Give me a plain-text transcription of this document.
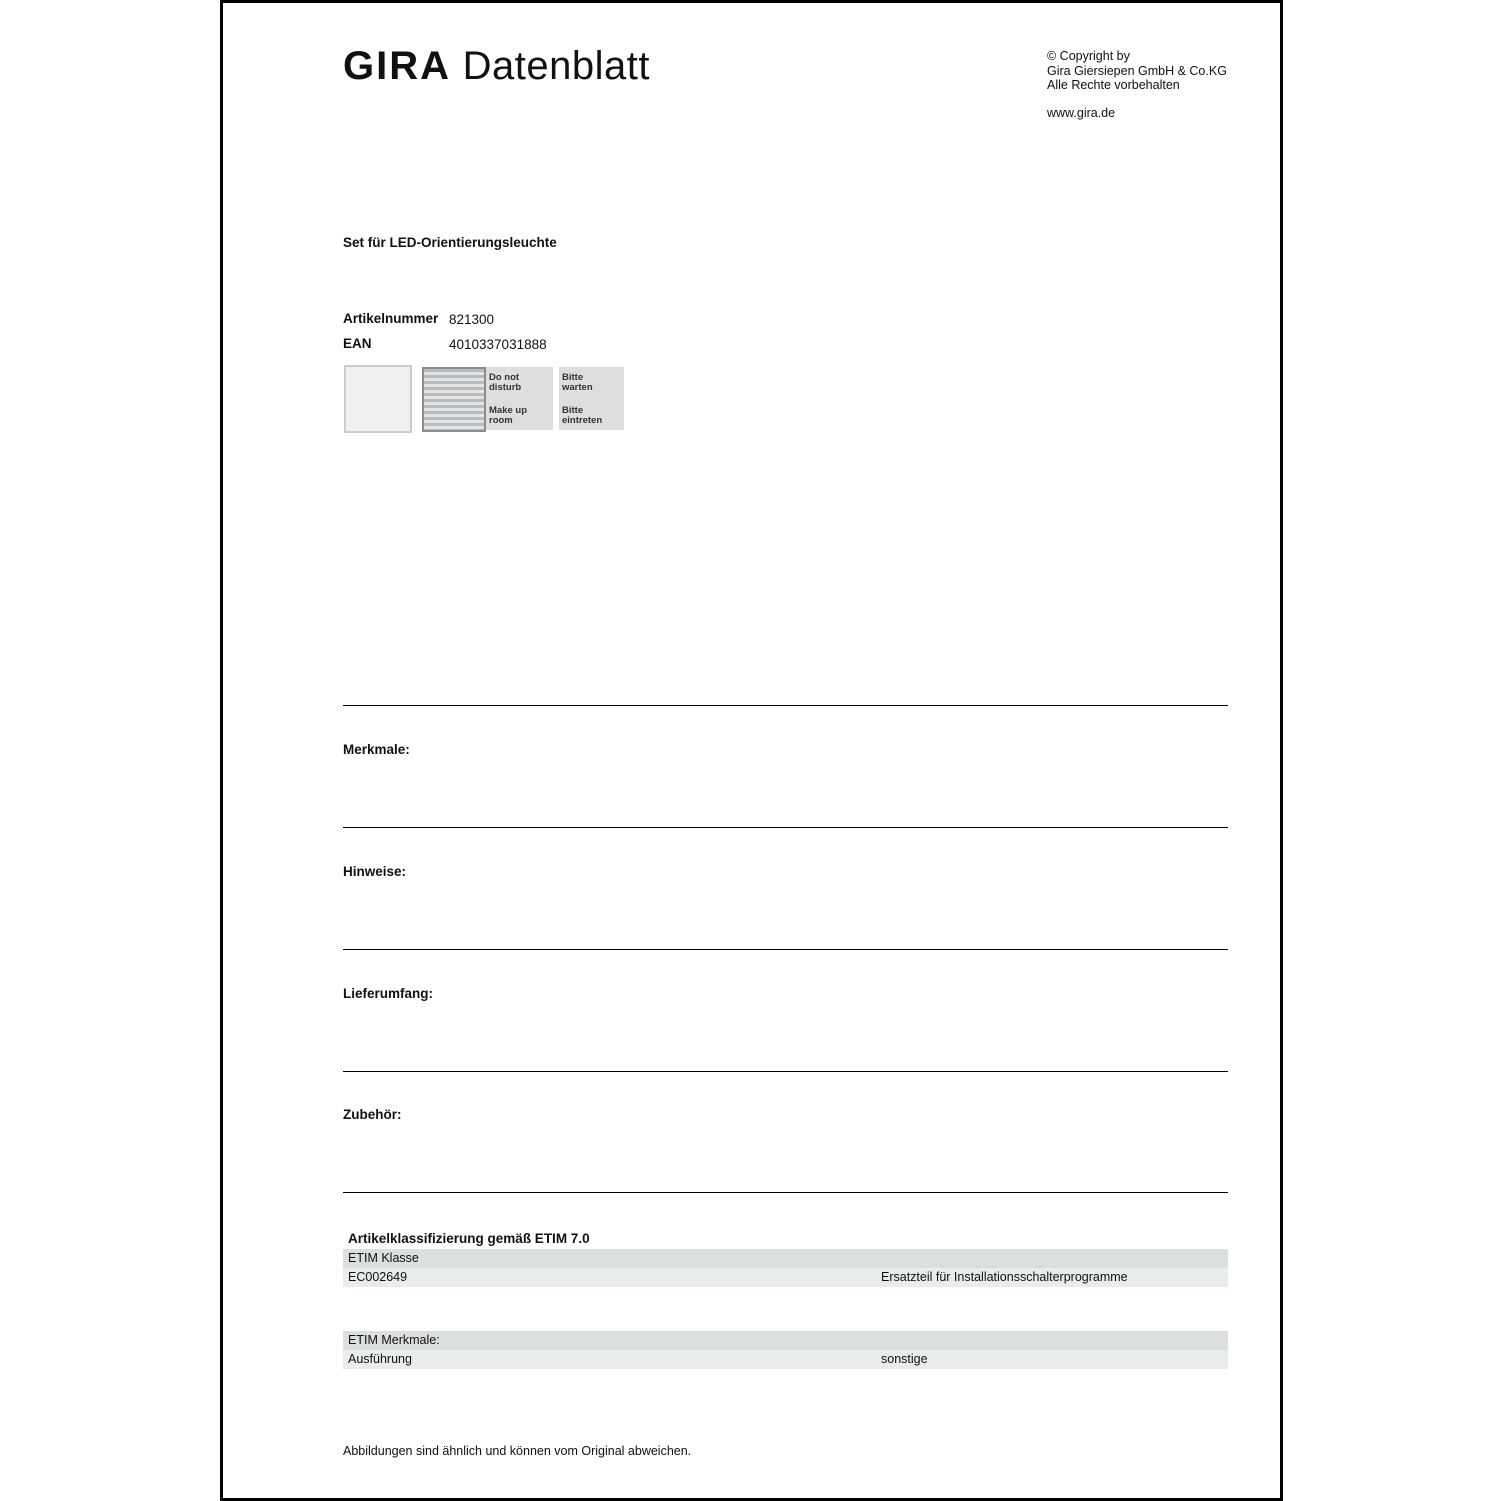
GIRA Datenblatt	© Copyright by
Gira Giersiepen GmbH & Co.KG
Alle Rechte vorbehalten
www.gira.de
Set für LED-Orientierungsleuchte
Artikelnummer 821300
EAN	4010337031888
Do not
disturb
Make up
room
Bitte
warten
Bitte
eintreten
Merkmale:
Hinweise:
Lieferumfang:
Zubehör:
Artikelklassifizierung gemäß ETIM 7.0
ETIM Klasse
EC002649	Ersatzteil für Installationsschalterprogramme
ETIM Merkmale:
Ausführung	sonstige
Abbildungen sind ähnlich und können vom Original abweichen.
